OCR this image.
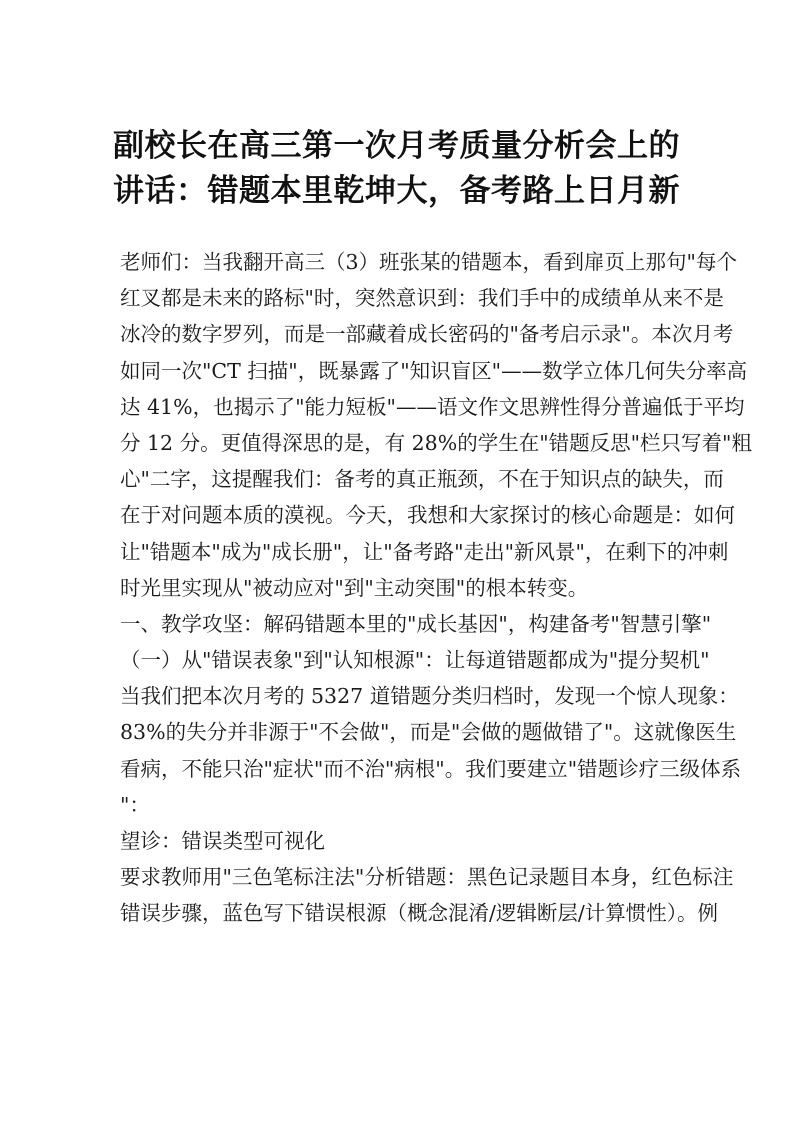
副校长在高三第一次月考质量分析会上的
讲话：错题本里乾坤大，备考路上日月新
老师们：当我翻开高三（3）班张某的错题本，看到扉页上那句"每个
红叉都是未来的路标"时，突然意识到：我们手中的成绩单从来不是
冰冷的数字罗列，而是一部藏着成长密码的"备考启示录"。本次月考
如同一次"CT 扫描"，既暴露了"知识盲区"——数学立体几何失分率高
达 41%，也揭示了"能力短板"——语文作文思辨性得分普遍低于平均
分 12 分。更值得深思的是，有 28%的学生在"错题反思"栏只写着"粗
心"二字，这提醒我们：备考的真正瓶颈，不在于知识点的缺失，而
在于对问题本质的漠视。今天，我想和大家探讨的核心命题是：如何
让"错题本"成为"成长册"，让"备考路"走出"新风景"，在剩下的冲刺
时光里实现从"被动应对"到"主动突围"的根本转变。
一、教学攻坚：解码错题本里的"成长基因"，构建备考"智慧引擎"
（一）从"错误表象"到"认知根源"：让每道错题都成为"提分契机"
当我们把本次月考的 5327 道错题分类归档时，发现一个惊人现象：
83%的失分并非源于"不会做"，而是"会做的题做错了"。这就像医生
看病，不能只治"症状"而不治"病根"。我们要建立"错题诊疗三级体系
"：
望诊：错误类型可视化
要求教师用"三色笔标注法"分析错题：黑色记录题目本身，红色标注
错误步骤，蓝色写下错误根源（概念混淆/逻辑断层/计算惯性）。例
